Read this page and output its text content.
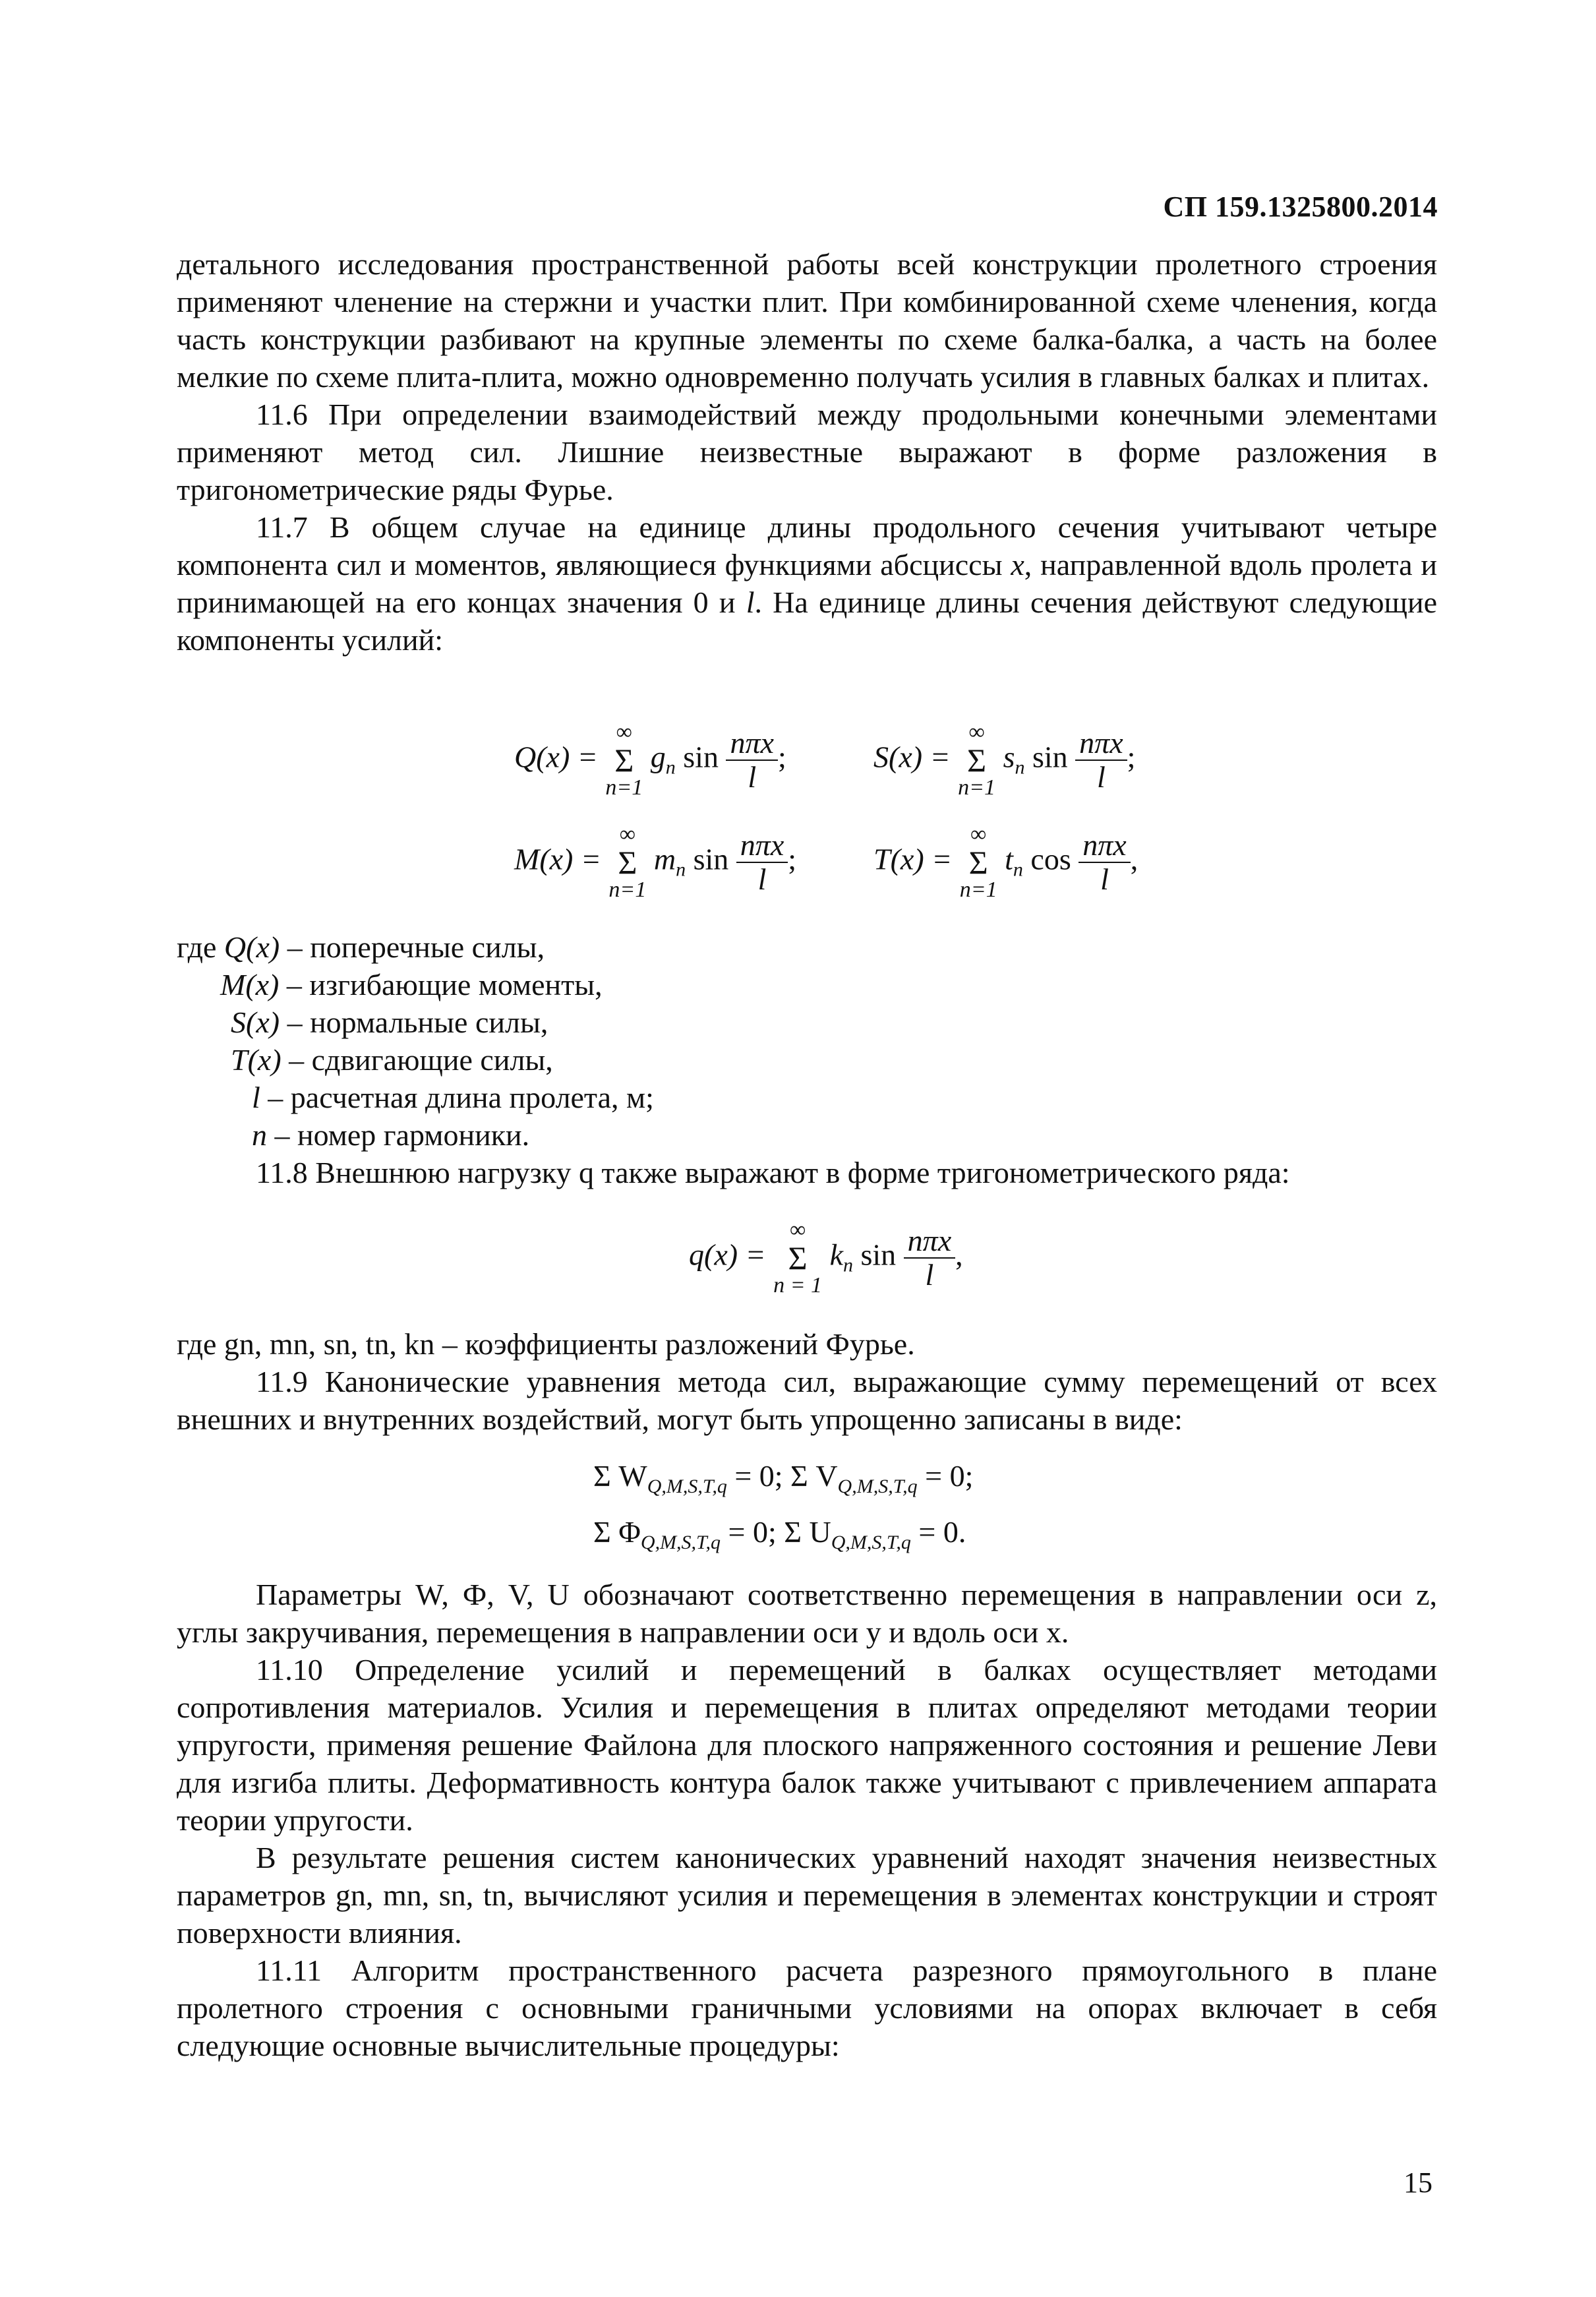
СП 159.1325800.2014

детального исследования пространственной работы всей конструкции пролетного строения применяют членение на стержни и участки плит. При комбинированной схеме членения, когда часть конструкции разбивают на крупные элементы по схеме балка-балка, а часть на более мелкие по схеме плита-плита, можно одновременно получать усилия в главных балках и плитах.

11.6 При определении взаимодействий между продольными конечными элементами применяют метод сил. Лишние неизвестные выражают в форме разложения в тригонометрические ряды Фурье.

11.7 В общем случае на единице длины продольного сечения учитывают четыре компонента сил и моментов, являющиеся функциями абсциссы x, направленной вдоль пролета и принимающей на его концах значения 0 и l. На единице длины сечения действуют следующие компоненты усилий:

Q(x) =
∞
Σ
n=1
$g_n$ $\sin \frac{\text{nπx}}{l}$ ;	S(x) =
∞
Σ
n=1
$s_n$ $\sin \frac{\text{nπx}}{l}$ ;
M(x) =
∞
Σ
n=1
$m_n$ $\sin \frac{\text{nπx}}{l}$ ;	T(x) =
∞
Σ
n=1
$t_n$ $\cos \frac{\text{nπx}}{l}$ ,
где Q(x) – поперечные силы,
M(x) – изгибающие моменты,
S(x) – нормальные силы,
T(x) – сдвигающие силы,
l – расчетная длина пролета, м;
n – номер гармоники.

11.8 Внешнюю нагрузку q также выражают в форме тригонометрического ряда:

q(x) =
∞
Σ
n = 1
$k_n$ $\sin \frac{\text{nπx}}{l}$ ,

где gn, mn, sn, tn, kn – коэффициенты разложений Фурье.

11.9 Канонические уравнения метода сил, выражающие сумму перемещений от всех внешних и внутренних воздействий, могут быть упрощенно записаны в виде:

Σ $W_{Q,M,S,T,q} = 0$; Σ $V_{Q,M,S,T,q} = 0$;
Σ $\Phi_{Q,M,S,T,q} = 0$; Σ $U_{Q,M,S,T,q} = 0$.

Параметры W, Ф, V, U обозначают соответственно перемещения в направлении оси z, углы закручивания, перемещения в направлении оси y и вдоль оси x.

11.10 Определение усилий и перемещений в балках осуществляет методами сопротивления материалов. Усилия и перемещения в плитах определяют методами теории упругости, применяя решение Файлона для плоского напряженного состояния и решение Леви для изгиба плиты. Деформативность контура балок также учитывают с привлечением аппарата теории упругости.

В результате решения систем канонических уравнений находят значения неизвестных параметров gn, mn, sn, tn, вычисляют усилия и перемещения в элементах конструкции и строят поверхности влияния.

11.11 Алгоритм пространственного расчета разрезного прямоугольного в плане пролетного строения с основными граничными условиями на опорах включает в себя следующие основные вычислительные процедуры:

15
